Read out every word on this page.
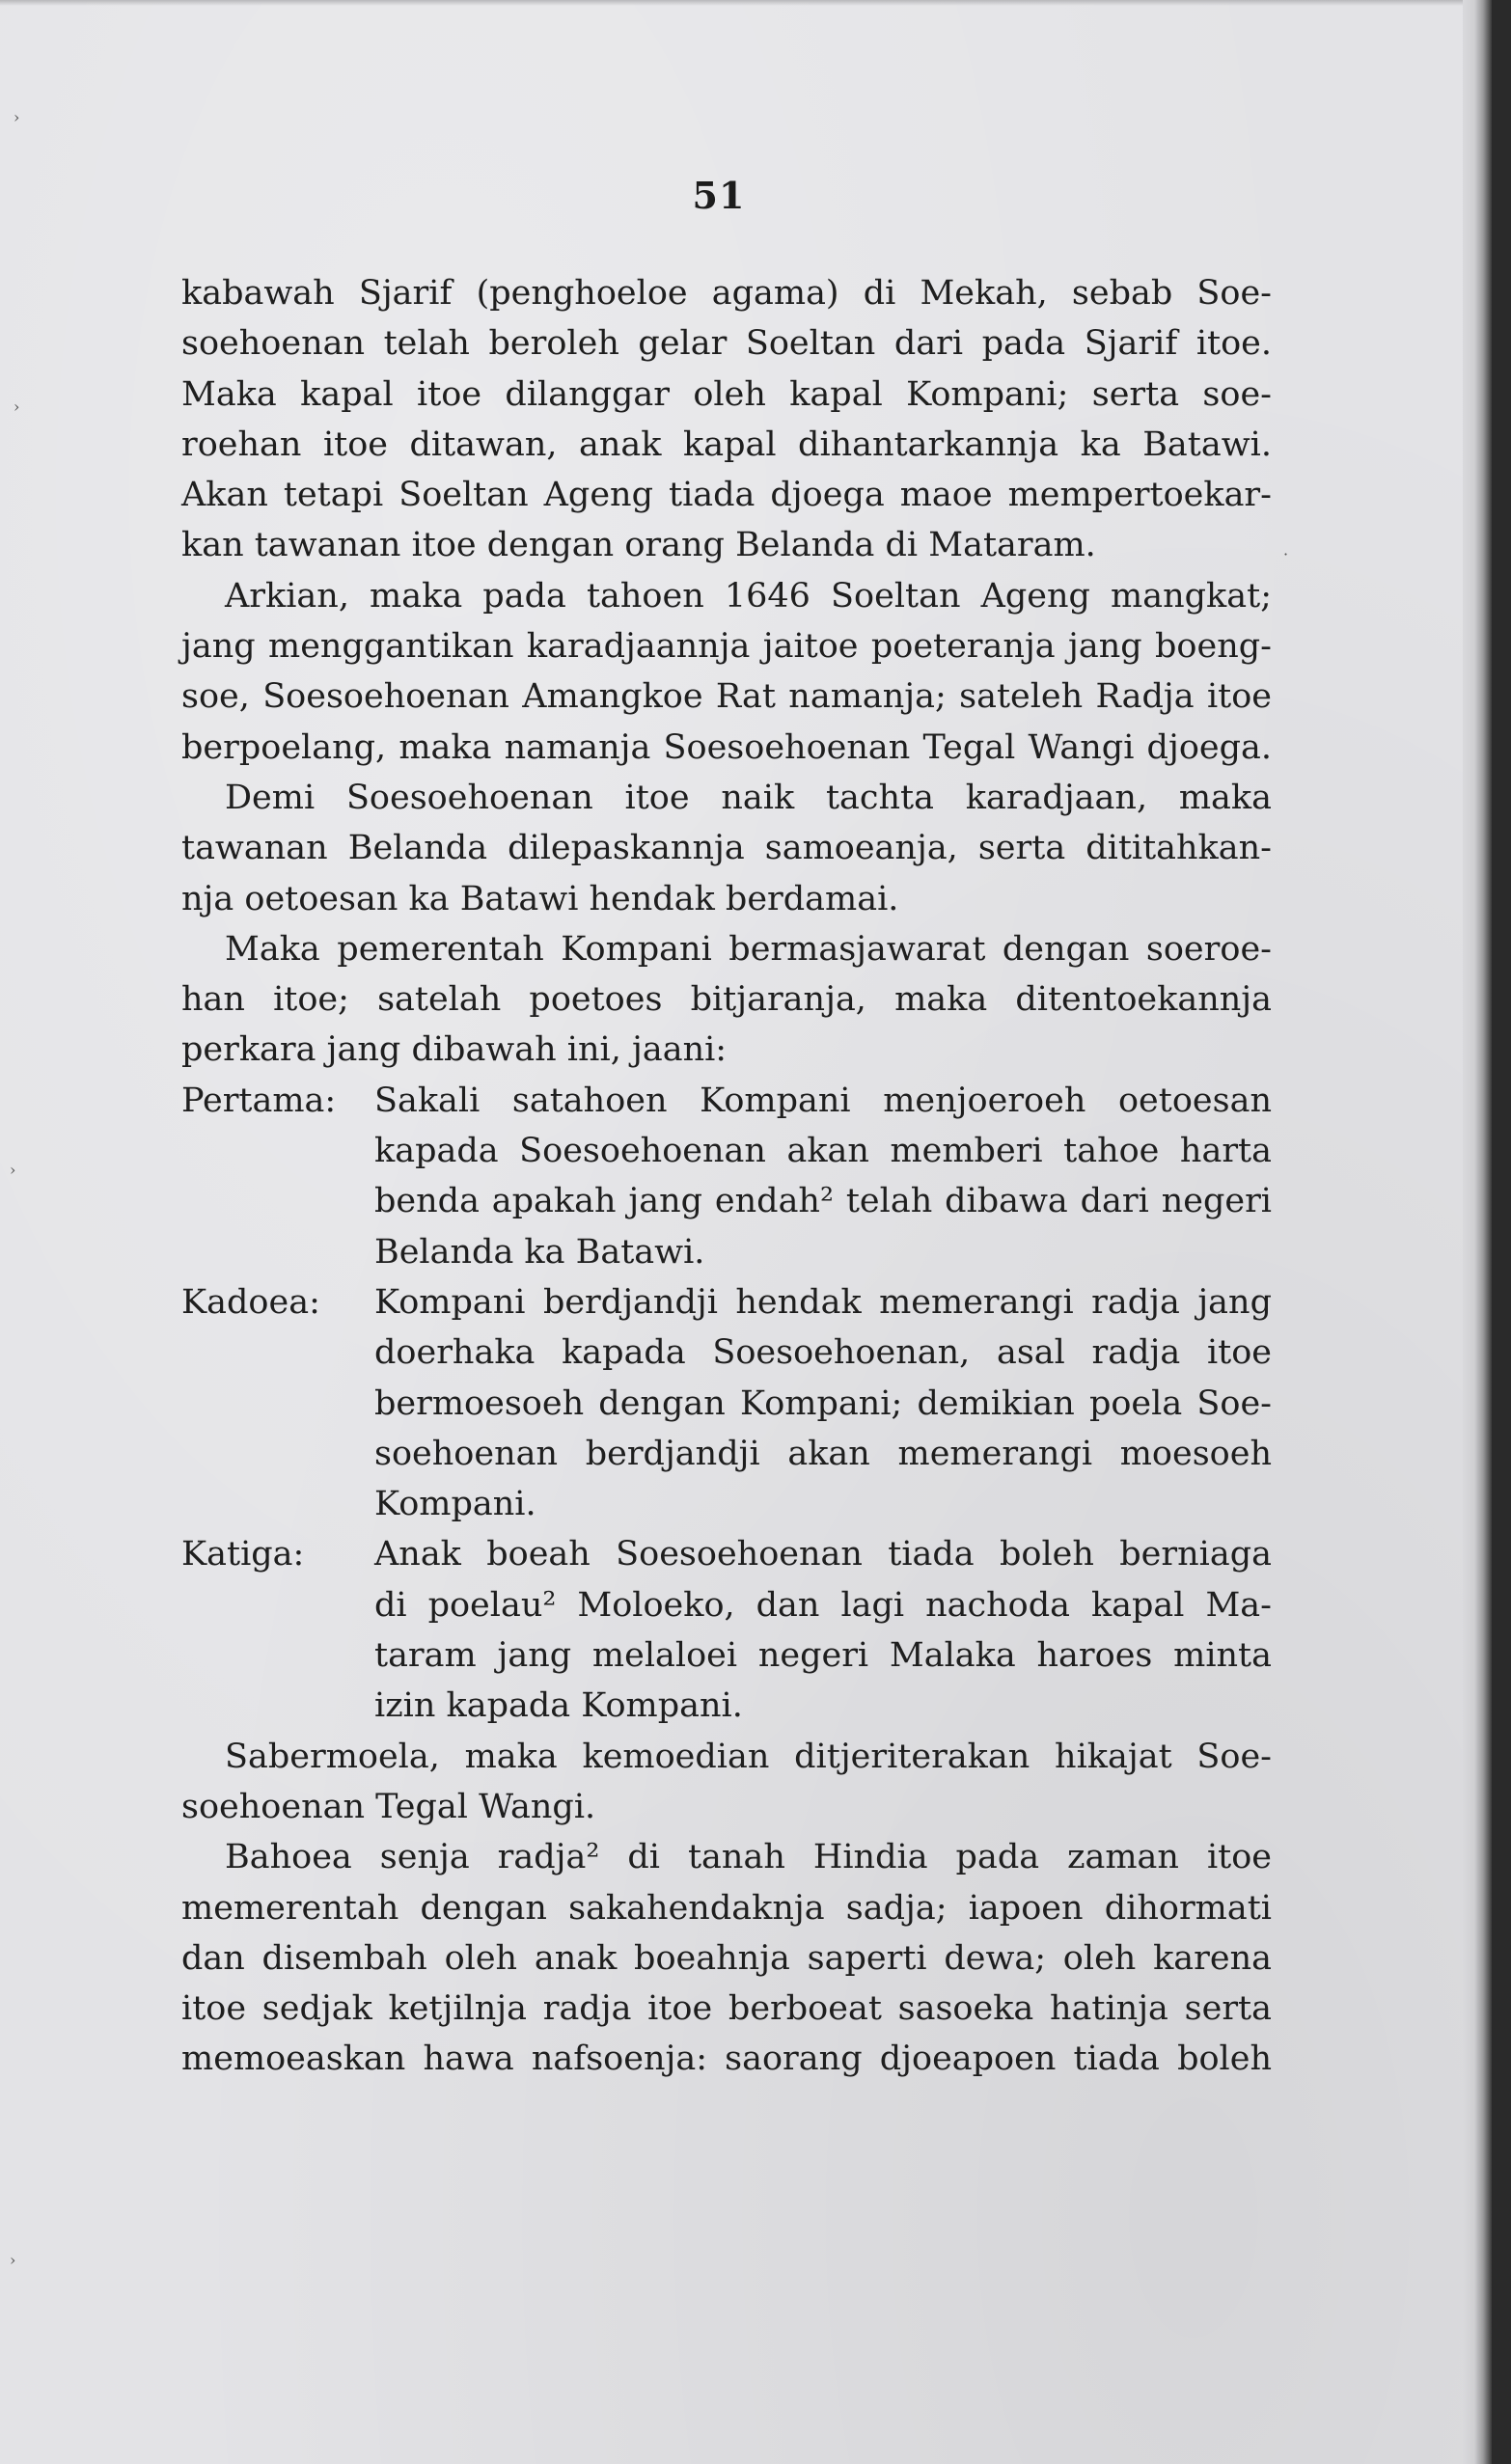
›
›
·
›
›
51
kabawah Sjarif (penghoeloe agama) di Mekah, sebab Soe-
soehoenan telah beroleh gelar Soeltan dari pada Sjarif itoe.
Maka kapal itoe dilanggar oleh kapal Kompani; serta soe-
roehan itoe ditawan, anak kapal dihantarkannja ka Batawi.
Akan tetapi Soeltan Ageng tiada djoega maoe mempertoekar-
kan tawanan itoe dengan orang Belanda di Mataram.
Arkian, maka pada tahoen 1646 Soeltan Ageng mangkat;
jang menggantikan karadjaannja jaitoe poeteranja jang boeng-
soe, Soesoehoenan Amangkoe Rat namanja; sateleh Radja itoe
berpoelang, maka namanja Soesoehoenan Tegal Wangi djoega.
Demi Soesoehoenan itoe naik tachta karadjaan, maka
tawanan Belanda dilepaskannja samoeanja, serta dititahkan-
nja oetoesan ka Batawi hendak berdamai.
Maka pemerentah Kompani bermasjawarat dengan soeroe-
han itoe; satelah poetoes bitjaranja, maka ditentoekannja
perkara jang dibawah ini, jaani:
Pertama:	Sakali satahoen Kompani menjoeroeh oetoesan
kapada Soesoehoenan akan memberi tahoe harta
benda apakah jang endah² telah dibawa dari negeri
Belanda ka Batawi.
Kadoea:	Kompani berdjandji hendak memerangi radja jang
doerhaka kapada Soesoehoenan, asal radja itoe
bermoesoeh dengan Kompani; demikian poela Soe-
soehoenan berdjandji akan memerangi moesoeh
Kompani.
Katiga:	Anak boeah Soesoehoenan tiada boleh berniaga
di poelau² Moloeko, dan lagi nachoda kapal Ma-
taram jang melaloei negeri Malaka haroes minta
izin kapada Kompani.
Sabermoela, maka kemoedian ditjeriterakan hikajat Soe-
soehoenan Tegal Wangi.
Bahoea senja radja² di tanah Hindia pada zaman itoe
memerentah dengan sakahendaknja sadja; iapoen dihormati
dan disembah oleh anak boeahnja saperti dewa; oleh karena
itoe sedjak ketjilnja radja itoe berboeat sasoeka hatinja serta
memoeaskan hawa nafsoenja: saorang djoeapoen tiada boleh
